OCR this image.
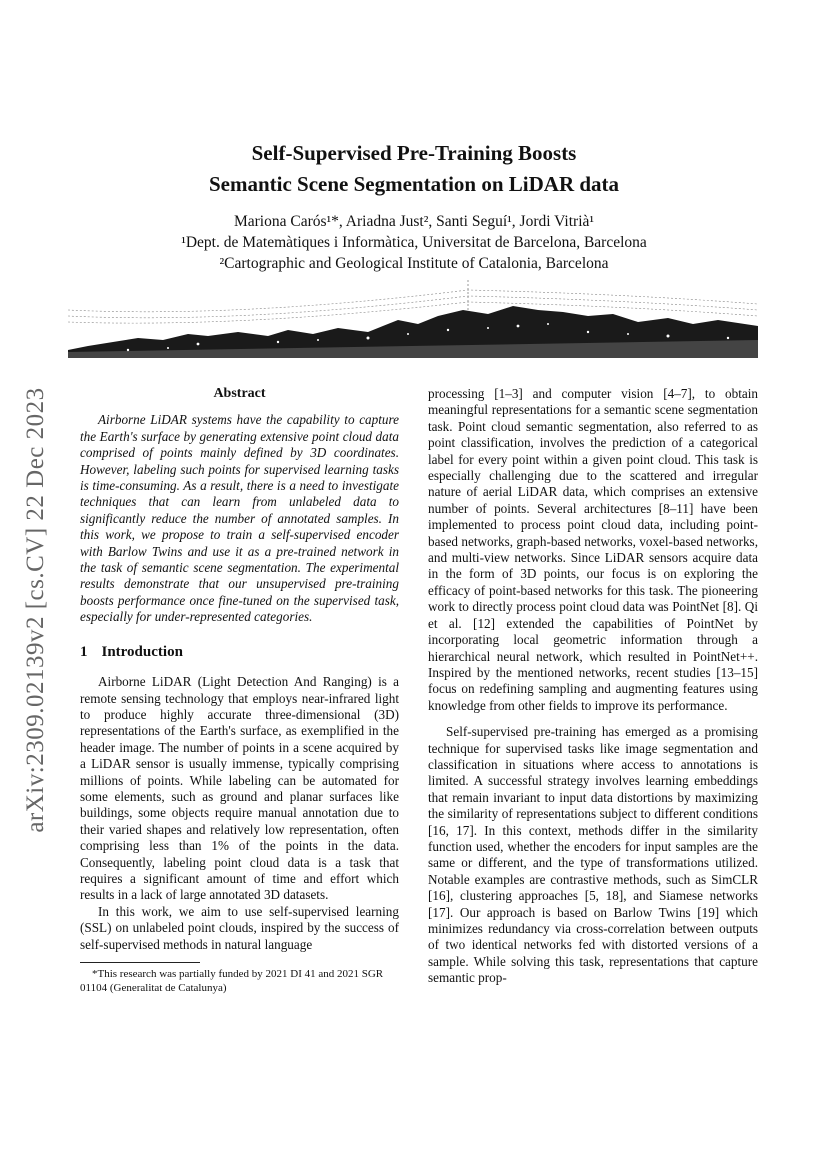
arXiv:2309.02139v2 [cs.CV] 22 Dec 2023
Self-Supervised Pre-Training Boosts
Semantic Scene Segmentation on LiDAR data
Mariona Carós¹*, Ariadna Just², Santi Seguí¹, Jordi Vitrià¹
¹Dept. de Matemàtiques i Informàtica, Universitat de Barcelona, Barcelona
²Cartographic and Geological Institute of Catalonia, Barcelona
Abstract

Airborne LiDAR systems have the capability to capture the Earth's surface by generating extensive point cloud data comprised of points mainly defined by 3D coordinates. However, labeling such points for supervised learning tasks is time-consuming. As a result, there is a need to investigate techniques that can learn from unlabeled data to significantly reduce the number of annotated samples. In this work, we propose to train a self-supervised encoder with Barlow Twins and use it as a pre-trained network in the task of semantic scene segmentation. The experimental results demonstrate that our unsupervised pre-training boosts performance once fine-tuned on the supervised task, especially for under-represented categories.

1 Introduction

Airborne LiDAR (Light Detection And Ranging) is a remote sensing technology that employs near-infrared light to produce highly accurate three-dimensional (3D) representations of the Earth's surface, as exemplified in the header image. The number of points in a scene acquired by a LiDAR sensor is usually immense, typically comprising millions of points. While labeling can be automated for some elements, such as ground and planar surfaces like buildings, some objects require manual annotation due to their varied shapes and relatively low representation, often comprising less than 1% of the points in the data. Consequently, labeling point cloud data is a task that requires a significant amount of time and effort which results in a lack of large annotated 3D datasets.

In this work, we aim to use self-supervised learning (SSL) on unlabeled point clouds, inspired by the success of self-supervised methods in natural language

*This research was partially funded by 2021 DI 41 and 2021 SGR 01104 (Generalitat de Catalunya)

processing [1–3] and computer vision [4–7], to obtain meaningful representations for a semantic scene segmentation task. Point cloud semantic segmentation, also referred to as point classification, involves the prediction of a categorical label for every point within a given point cloud. This task is especially challenging due to the scattered and irregular nature of aerial LiDAR data, which comprises an extensive number of points. Several architectures [8–11] have been implemented to process point cloud data, including point-based networks, graph-based networks, voxel-based networks, and multi-view networks. Since LiDAR sensors acquire data in the form of 3D points, our focus is on exploring the efficacy of point-based networks for this task. The pioneering work to directly process point cloud data was PointNet [8]. Qi et al. [12] extended the capabilities of PointNet by incorporating local geometric information through a hierarchical neural network, which resulted in PointNet++. Inspired by the mentioned networks, recent studies [13–15] focus on redefining sampling and augmenting features using knowledge from other fields to improve its performance.

Self-supervised pre-training has emerged as a promising technique for supervised tasks like image segmentation and classification in situations where access to annotations is limited. A successful strategy involves learning embeddings that remain invariant to input data distortions by maximizing the similarity of representations subject to different conditions [16, 17]. In this context, methods differ in the similarity function used, whether the encoders for input samples are the same or different, and the type of transformations utilized. Notable examples are contrastive methods, such as SimCLR [16], clustering approaches [5, 18], and Siamese networks [17]. Our approach is based on Barlow Twins [19] which minimizes redundancy via cross-correlation between outputs of two identical networks fed with distorted versions of a sample. While solving this task, representations that capture semantic prop-
